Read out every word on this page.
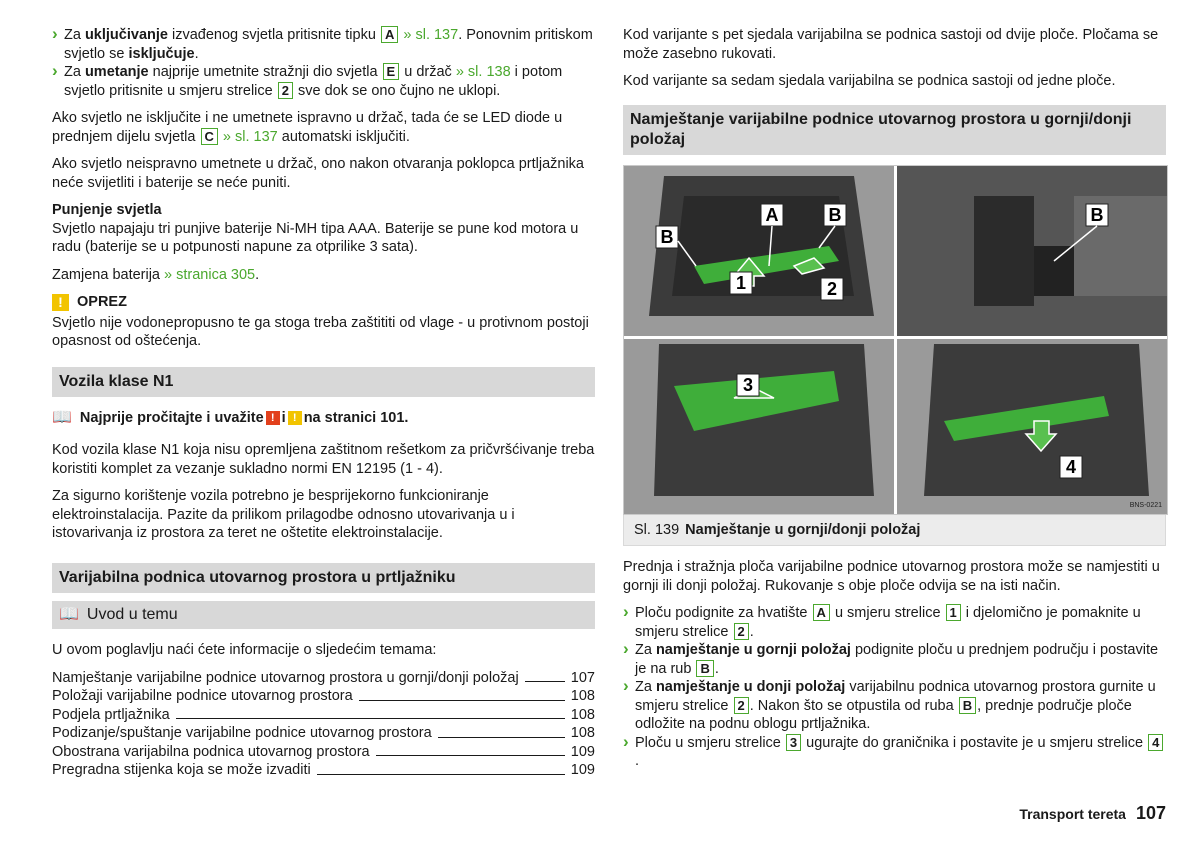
› Za uključivanje izvađenog svjetla pritisnite tipku A » sl. 137. Ponovnim pritiskom svjetlo se isključuje.

› Za umetanje najprije umetnite stražnji dio svjetla E u držač » sl. 138 i potom svjetlo pritisnite u smjeru strelice 2 sve dok se ono čujno ne uklopi.

Ako svjetlo ne isključite i ne umetnete ispravno u držač, tada će se LED diode u prednjem dijelu svjetla C » sl. 137 automatski isključiti.

Ako svjetlo neispravno umetnete u držač, ono nakon otvaranja poklopca prtljažnika neće svijetliti i baterije se neće puniti.

Punjenje svjetla

Svjetlo napajaju tri punjive baterije Ni-MH tipa AAA. Baterije se pune kod motora u radu (baterije se u potpunosti napune za otprilike 3 sata).

Zamjena baterija » stranica 305.

! OPREZ

Svjetlo nije vodonepropusno te ga stoga treba zaštititi od vlage - u protivnom postoji opasnost od oštećenja.

Vozila klase N1
📖 Najprije pročitajte i uvažite ! i ! na stranici 101.

Kod vozila klase N1 koja nisu opremljena zaštitnom rešetkom za pričvršćivanje treba koristiti komplet za vezanje sukladno normi EN 12195 (1 - 4).

Za sigurno korištenje vozila potrebno je besprijekorno funkcioniranje elektroinstalacija. Pazite da prilikom prilagodbe odnosno utovarivanja u i istovarivanja iz prostora za teret ne oštetite elektroinstalacije.

Varijabilna podnica utovarnog prostora u prtljažniku
📖 Uvod u temu

U ovom poglavlju naći ćete informacije o sljedećim temama:

Namještanje varijabilne podnice utovarnog prostora u gornji/donji položaj	107
Položaji varijabilne podnice utovarnog prostora	108
Podjela prtljažnika	108
Podizanje/spuštanje varijabilne podnice utovarnog prostora	108
Obostrana varijabilna podnica utovarnog prostora	109
Pregradna stijenka koja se može izvaditi	109

Kod varijante s pet sjedala varijabilna se podnica sastoji od dvije ploče. Pločama se može zasebno rukovati.

Kod varijante sa sedam sjedala varijabilna se podnica sastoji od jedne ploče.

Namještanje varijabilne podnice utovarnog prostora u gornji/donji položaj
A	B
B
1	2
B
3
4
BNS-0221
Sl. 139 Namještanje u gornji/donji položaj

Prednja i stražnja ploča varijabilne podnice utovarnog prostora može se namjestiti u gornji ili donji položaj. Rukovanje s obje ploče odvija se na isti način.

› Ploču podignite za hvatište A u smjeru strelice 1 i djelomično je pomaknite u smjeru strelice 2 .

› Za namještanje u gornji položaj podignite ploču u prednjem području i postavite je na rub B .

› Za namještanje u donji položaj varijabilnu podnica utovarnog prostora gurnite u smjeru strelice 2 . Nakon što se otpustila od ruba B , prednje područje ploče odložite na podnu oblogu prtljažnika.

› Ploču u smjeru strelice 3 ugurajte do graničnika i postavite je u smjeru strelice 4.

Transport tereta 107
